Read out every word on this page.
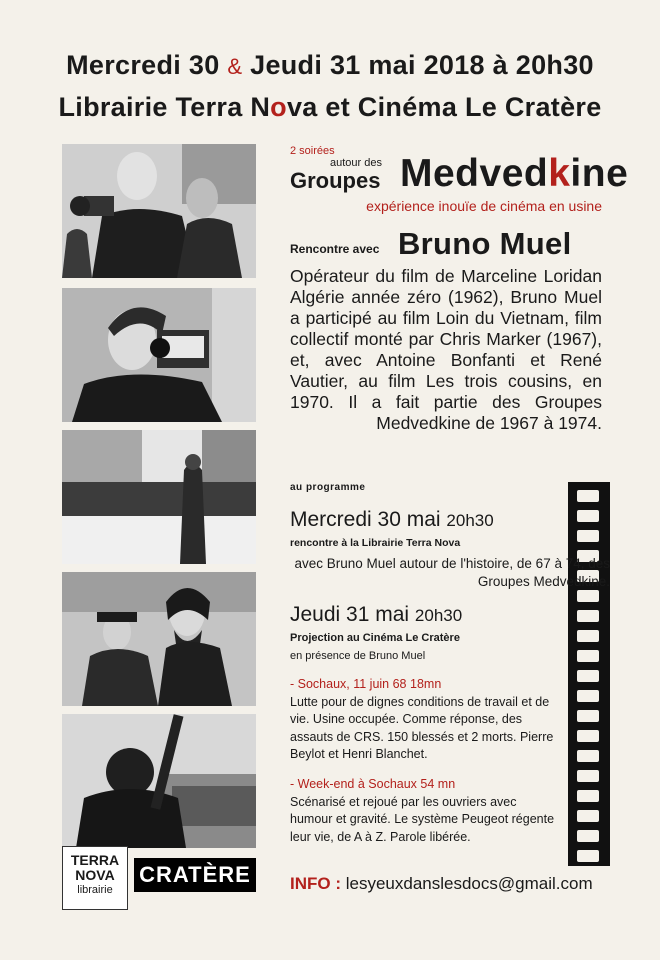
Mercredi 30 & Jeudi 31 mai 2018 à 20h30
Librairie Terra Nova et Cinéma Le Cratère
TERRA
NOVA
librairie
CRATÈRE
2 soirées
autour des
Groupes Medvedkine
expérience inouïe de cinéma en usine
Rencontre avec Bruno Muel
Opérateur du film de Marceline Loridan Algérie année zéro (1962), Bruno Muel a participé au film Loin du Vietnam, film collectif monté par Chris Marker (1967), et, avec Antoine Bonfanti et René Vautier, au film Les trois cousins, en 1970. Il a fait partie des Groupes Medvedkine de 1967 à 1974.
au programme
Mercredi 30 mai 20h30
rencontre à la Librairie Terra Nova
avec Bruno Muel autour de l'histoire, de 67 à 74, des Groupes Medvedkine.
Jeudi 31 mai 20h30
Projection au Cinéma Le Cratère
en présence de Bruno Muel
- Sochaux, 11 juin 68 18mn
Lutte pour de dignes conditions de travail et de vie. Usine occupée. Comme réponse, des assauts de CRS. 150 blessés et 2 morts. Pierre Beylot et Henri Blanchet.
- Week-end à Sochaux 54 mn
Scénarisé et rejoué par les ouvriers avec humour et gravité. Le système Peugeot régente leur vie, de A à Z. Parole libérée.
INFO : lesyeuxdanslesdocs@gmail.com
